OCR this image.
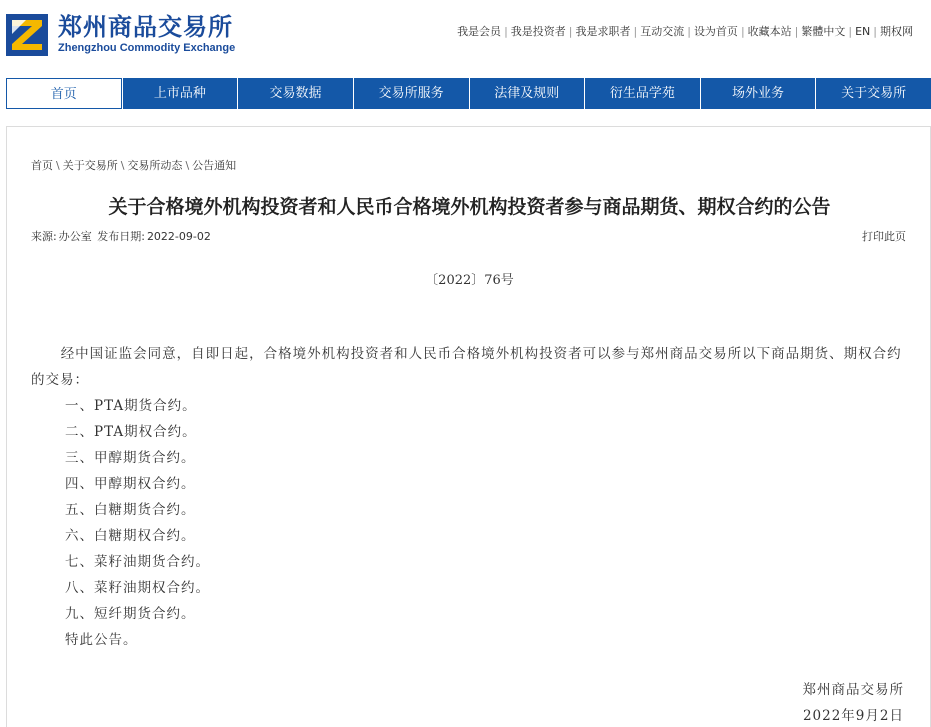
郑州商品交易所
Zhengzhou Commodity Exchange
我是会员 | 我是投资者 | 我是求职者 | 互动交流 | 设为首页 | 收藏本站 | 繁體中文 | EN | 期权网
首页	上市品种	交易数据	交易所服务	法律及规则	衍生品学苑	场外业务	关于交易所
首页 \ 关于交易所 \ 交易所动态 \ 公告通知
关于合格境外机构投资者和人民币合格境外机构投资者参与商品期货、期权合约的公告
来源: 办公室 发布日期: 2022-09-02	打印此页
〔2022〕76号

经中国证监会同意，自即日起，合格境外机构投资者和人民币合格境外机构投资者可以参与郑州商品交易所以下商品期货、期权合约的交易：

一、PTA期货合约。

二、PTA期权合约。

三、甲醇期货合约。

四、甲醇期权合约。

五、白糖期货合约。

六、白糖期权合约。

七、菜籽油期货合约。

八、菜籽油期权合约。

九、短纤期货合约。

特此公告。

郑州商品交易所
2022年9月2日
